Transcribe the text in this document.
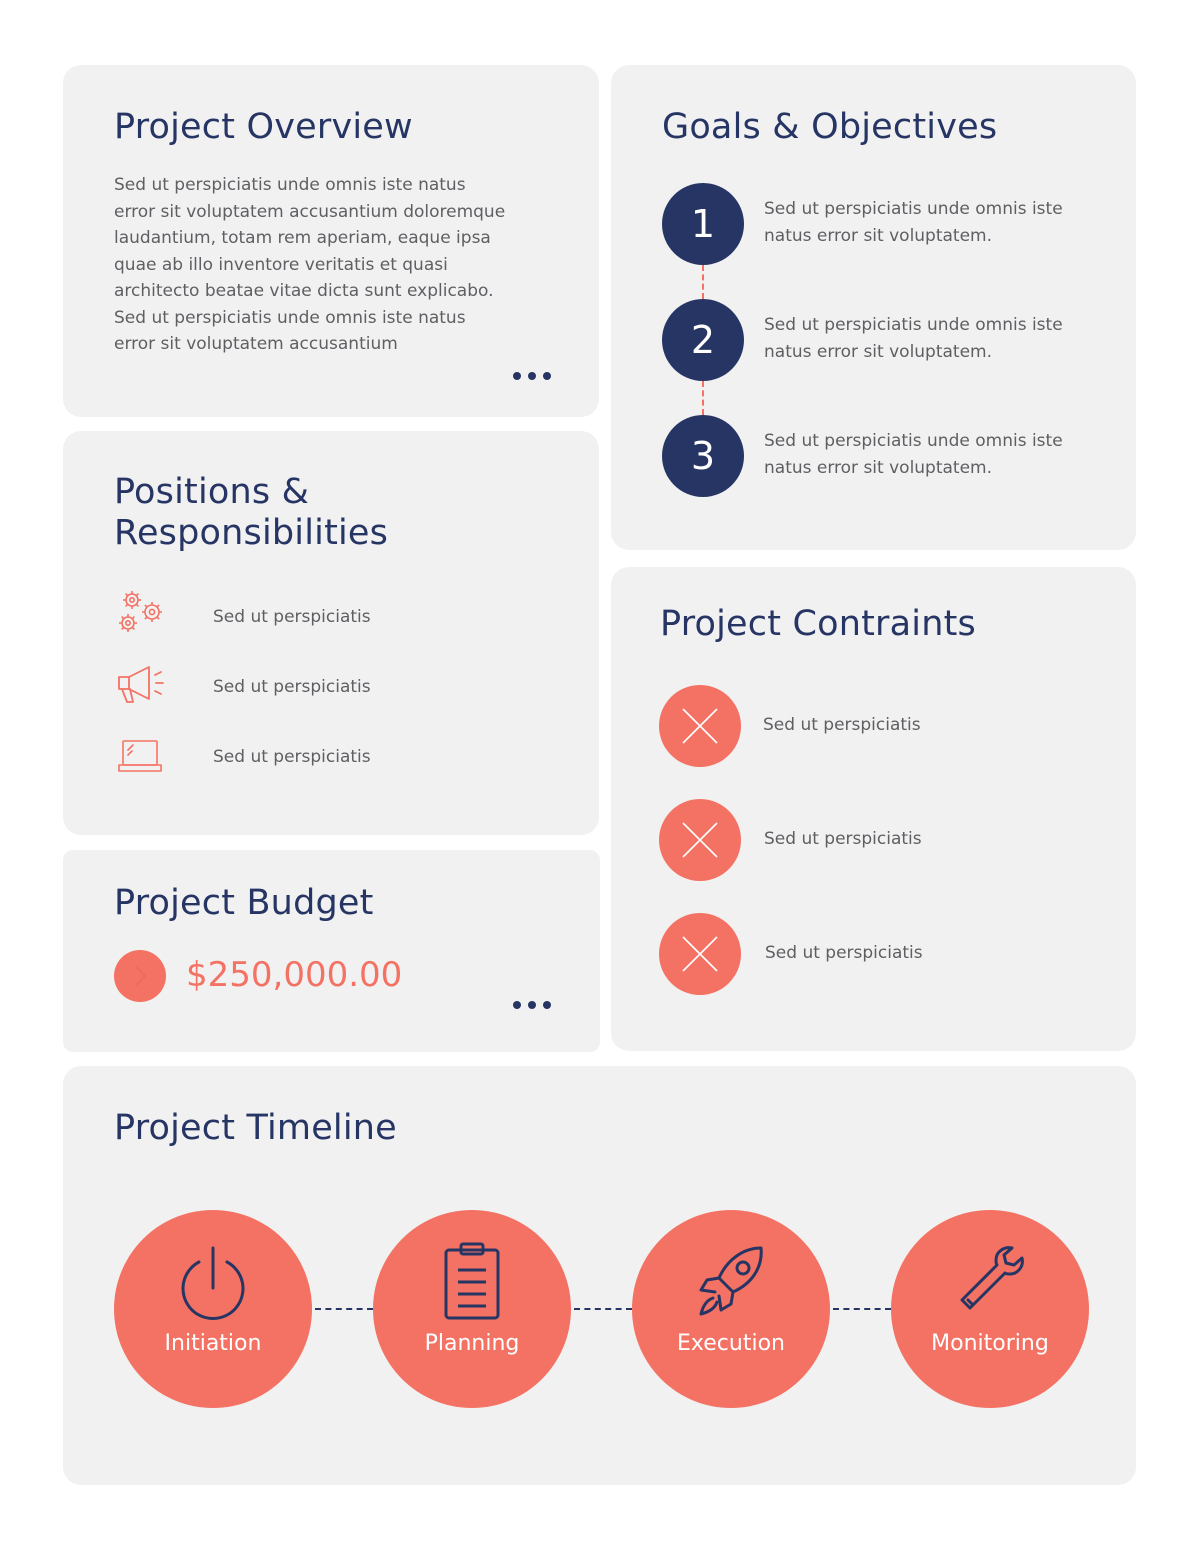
Project Overview

Sed ut perspiciatis unde omnis iste natus

error sit voluptatem accusantium doloremque

laudantium, totam rem aperiam, eaque ipsa

quae ab illo inventore veritatis et quasi

architecto beatae vitae dicta sunt explicabo.

Sed ut perspiciatis unde omnis iste natus

error sit voluptatem accusantium

Goals & Objectives
1	Sed ut perspiciatis unde omnis iste

natus error sit voluptatem.

2	Sed ut perspiciatis unde omnis iste

natus error sit voluptatem.

3	Sed ut perspiciatis unde omnis iste

natus error sit voluptatem.

Positions &
Responsibilities

Sed ut perspiciatis

Sed ut perspiciatis

Sed ut perspiciatis

Project Budget

$250,000.00

Project Contraints

Sed ut perspiciatis

Sed ut perspiciatis

Sed ut perspiciatis

Project Timeline
Initiation	Planning	Execution	Monitoring
